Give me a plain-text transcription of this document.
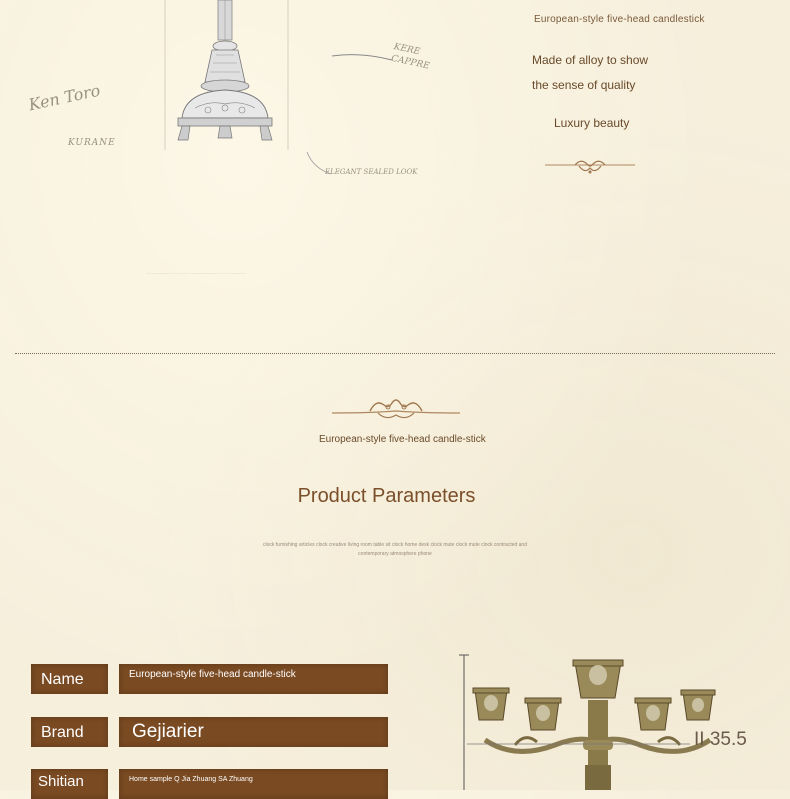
Ken Toro
KURANE
KERE CAPPRE
ELEGANT SEALED LOOK
~~~~~~~~~~~~~~~~~~~~~~~~~~~~~~~~~~~~~~~~
European-style five-head candlestick
Made of alloy to show
the sense of quality
Luxury beauty
European-style five-head candle-stick
Product Parameters
clock furnishing articles clock creative living room table sit clock home desk clock mute clock mute clock contracted and contemporary atmosphere phone
Name	European-style five-head candle-stick
Brand	Gejiarier
Shitian	Home sample Q Jia Zhuang SA Zhuang
II 35.5
